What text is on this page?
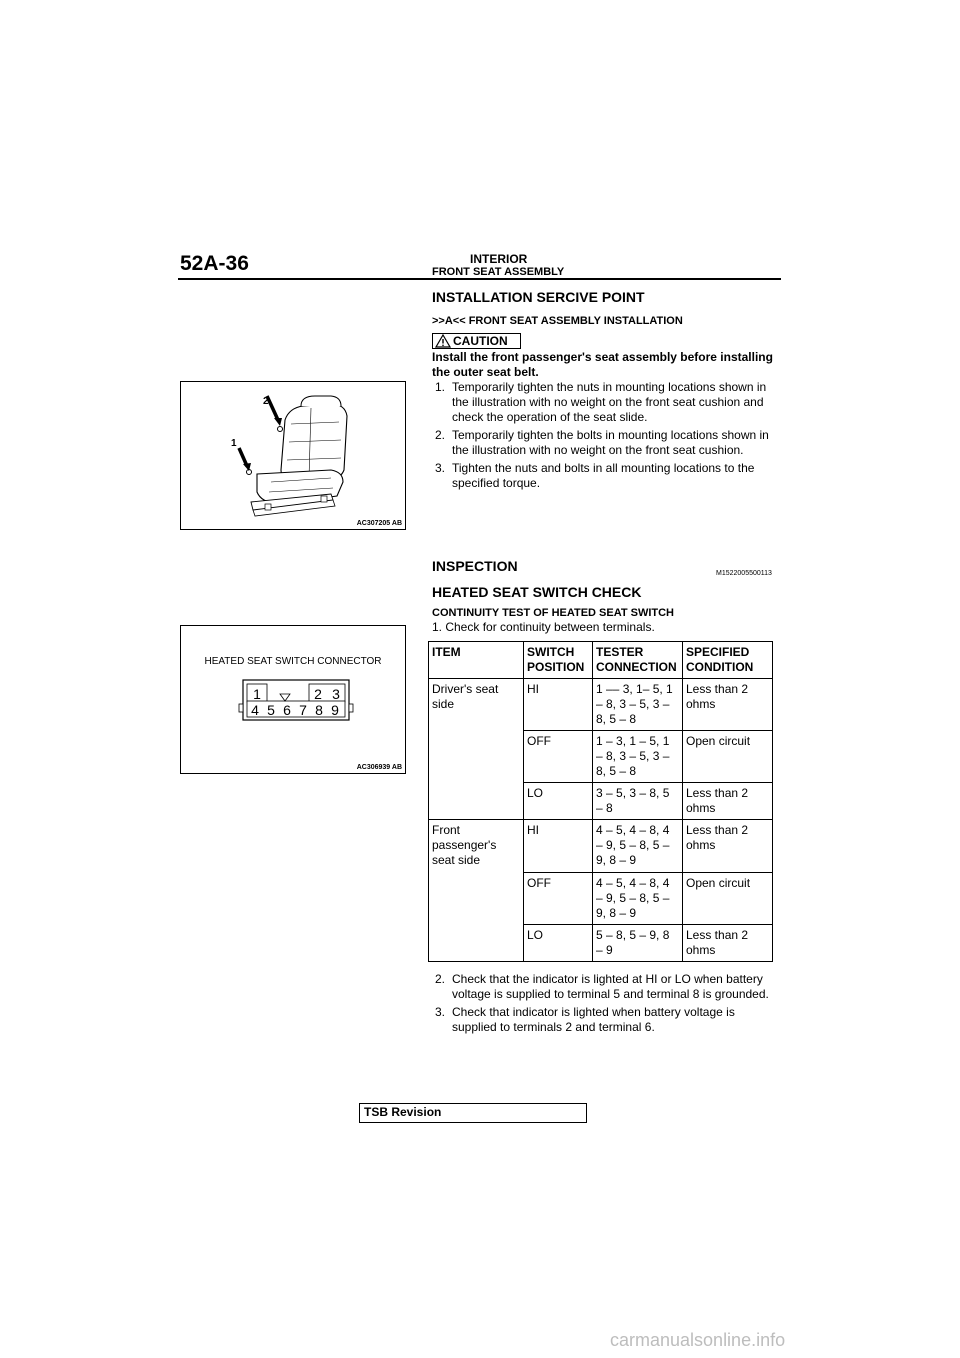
52A-36	INTERIOR
FRONT SEAT ASSEMBLY
2
1
AC307205 AB
HEATED SEAT SWITCH CONNECTOR
1	2 3
4 5 6 7 8 9
AC306939 AB
INSTALLATION SERCIVE POINT
>>A<< FRONT SEAT ASSEMBLY INSTALLATION
CAUTION
Install the front passenger's seat assembly before installing the outer seat belt.
1. Temporarily tighten the nuts in mounting locations shown in the illustration with no weight on the front seat cushion and check the operation of the seat slide.
2. Temporarily tighten the bolts in mounting locations shown in the illustration with no weight on the front seat cushion.
3. Tighten the nuts and bolts in all mounting locations to the specified torque.
INSPECTION	M1522005500113
HEATED SEAT SWITCH CHECK
CONTINUITY TEST OF HEATED SEAT SWITCH
1. Check for continuity between terminals.
ITEM	SWITCH POSITION	TESTER CONNECTION	SPECIFIED CONDITION
Driver's seat side	HI	1 –– 3, 1– 5, 1 – 8, 3 – 5, 3 – 8, 5 – 8	Less than 2 ohms
	OFF	1 – 3, 1 – 5, 1 – 8, 3 – 5, 3 – 8, 5 – 8	Open circuit
	LO	3 – 5, 3 – 8, 5 – 8	Less than 2 ohms
Front passenger's seat side	HI	4 – 5, 4 – 8, 4 – 9, 5 – 8, 5 – 9, 8 – 9	Less than 2 ohms
	OFF	4 – 5, 4 – 8, 4 – 9, 5 – 8, 5 – 9, 8 – 9	Open circuit
	LO	5 – 8, 5 – 9, 8 – 9	Less than 2 ohms
2. Check that the indicator is lighted at HI or LO when battery voltage is supplied to terminal 5 and terminal 8 is grounded.
3. Check that indicator is lighted when battery voltage is supplied to terminals 2 and terminal 6.
TSB Revision
carmanualsonline.info
